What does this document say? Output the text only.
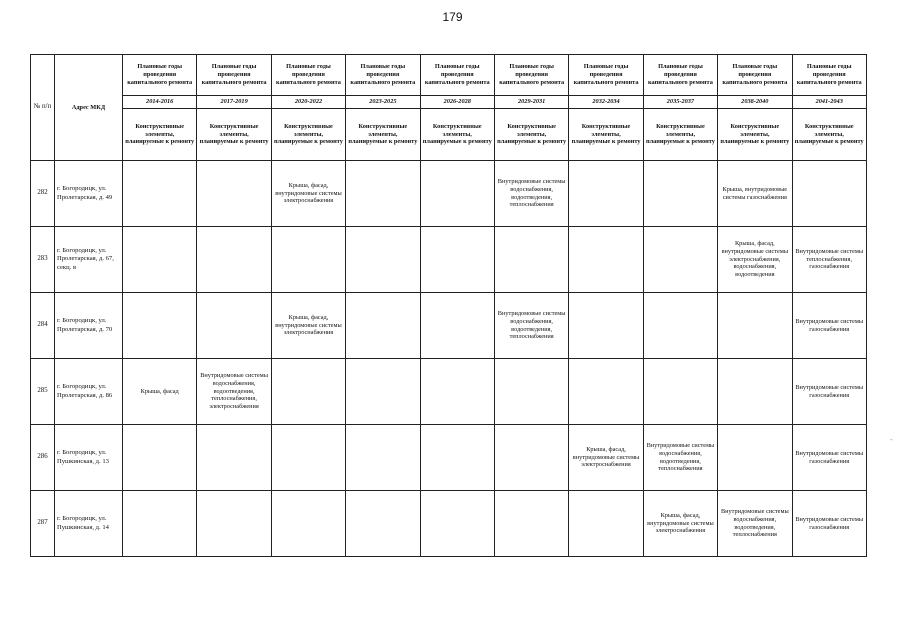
179
-
№ п/п	Адрес МКД	Плановые годы проведения капитального ремонта	Плановые годы проведения капитального ремонта	Плановые годы проведения капитального ремонта	Плановые годы проведения капитального ремонта	Плановые годы проведения капитального ремонта	Плановые годы проведения капитального ремонта	Плановые годы проведения капитального ремонта	Плановые годы проведения капитального ремонта	Плановые годы проведения капитального ремонта	Плановые годы проведения капитального ремонта
		2014-2016	2017-2019	2020-2022	2023-2025	2026-2028	2029-2031	2032-2034	2035-2037	2038-2040	2041-2043
		Конструктивные элементы, планируемые к ремонту	Конструктивные элементы, планируемые к ремонту	Конструктивные элементы, планируемые к ремонту	Конструктивные элементы, планируемые к ремонту	Конструктивные элементы, планируемые к ремонту	Конструктивные элементы, планируемые к ремонту	Конструктивные элементы, планируемые к ремонту	Конструктивные элементы, планируемые к ремонту	Конструктивные элементы, планируемые к ремонту	Конструктивные элементы, планируемые к ремонту
282	г. Богородицк, ул. Пролетарская, д. 49			Крыша, фасад, внутридомовые системы электроснабжения			Внутридомовые системы водоснабжения, водоотведения, теплоснабжения			Крыша, внутридомовые системы газоснабжения	
283	г. Богородицк, ул. Пролетарская, д. 67, секц. в									Крыша, фасад, внутридомовые системы электроснабжения, водоснабжения, водоотведения	Внутридомовые системы теплоснабжения, газоснабжения
284	г. Богородицк, ул. Пролетарская, д. 70			Крыша, фасад, внутридомовые системы электроснабжения			Внутридомовые системы водоснабжения, водоотведения, теплоснабжения				Внутридомовые системы газоснабжения
285	г. Богородицк, ул. Пролетарская, д. 86	Крыша, фасад	Внутридомовые системы водоснабжения, водоотведения, теплоснабжения, электроснабжения								Внутридомовые системы газоснабжения
286	г. Богородицк, ул. Пушкинская, д. 13							Крыша, фасад, внутридомовые системы электроснабжения	Внутридомовые системы водоснабжения, водоотведения, теплоснабжения		Внутридомовые системы газоснабжения
287	г. Богородицк, ул. Пушкинская, д. 14								Крыша, фасад, внутридомовые системы электроснабжения	Внутридомовые системы водоснабжения, водоотведения, теплоснабжения	Внутридомовые системы газоснабжения
